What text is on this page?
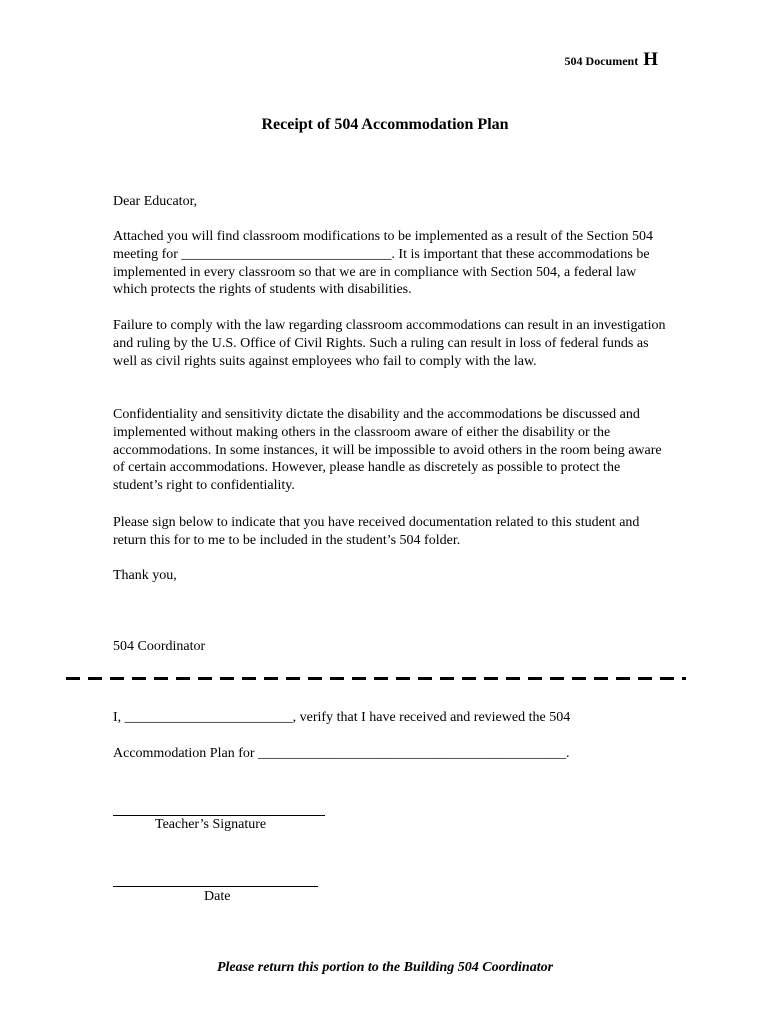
504 Document H
Receipt of 504 Accommodation Plan
Dear Educator,
Attached you will find classroom modifications to be implemented as a result of the Section 504 meeting for ______________________________. It is important that these accommodations be implemented in every classroom so that we are in compliance with Section 504, a federal law which protects the rights of students with disabilities.
Failure to comply with the law regarding classroom accommodations can result in an investigation and ruling by the U.S. Office of Civil Rights. Such a ruling can result in loss of federal funds as well as civil rights suits against employees who fail to comply with the law.
Confidentiality and sensitivity dictate the disability and the accommodations be discussed and implemented without making others in the classroom aware of either the disability or the accommodations. In some instances, it will be impossible to avoid others in the room being aware of certain accommodations. However, please handle as discretely as possible to protect the student’s right to confidentiality.
Please sign below to indicate that you have received documentation related to this student and return this for to me to be included in the student’s 504 folder.
Thank you,
504 Coordinator
I, ________________________, verify that I have received and reviewed the 504
Accommodation Plan for ____________________________________________.
Teacher’s Signature
Date
Please return this portion to the Building 504 Coordinator
